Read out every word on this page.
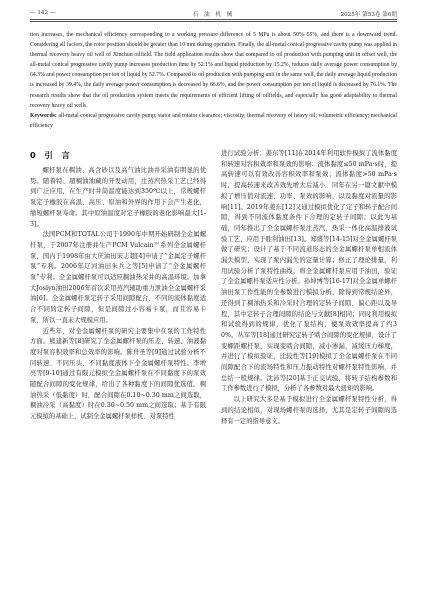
— 142 —	石 油 机 械	2025年 第53卷 第6期

tion increases, the mechanical efficiency corresponding to a working pressure difference of 5 MPa is about 50%–55%, and there is a downward trend. Considering all factors, the rotor position should be greater than 10 mm during operation. Finally, the all-metal conical progressive cavity pump was applied in thermal recovery heavy oil well of Xinchun oilfield. The field application results show that compared to oil production with pumping unit in offset well, the all-metal conical progressive cavity pump increases production time by 52.1% and liquid production by 15.2%, reduces daily average power consumption by 64.3% and power consumption per ton of liquid by 52.7%. Compared to oil production with pumping unit in the same well, the daily average liquid production is increased by 39.4%, the daily average power consumption is decreased by 66.6%, and the power consumption per ton of liquid is decreased by 76.1%. The research results show that the oil production system meets the requirements of efficient lifting of oilfields, and especially has good adaptability to thermal recovery heavy oil wells.
Keywords: all-metal conical progressive cavity pump; stator and rotator clearance; viscosity; thermal recovery of heavy oil; volumetric efficiency; mechanical efficiency

0 引 言

螺杆泵在稠油、高含砂以及高气油比油井采油有明显的优势。随着特、超稠油油藏的开发动用，注蒸汽热采工艺已经得到广泛应用，在生产时井筒温度能达到350℃以上，常规螺杆泵定子橡胶在高温、高压、原油和外界的作用下会产生老化，缩短螺杆泵寿命。其中原油温度对定子橡胶的老化影响最大[1-3]。

法国PCM和TOTAL公司于1990年中期开始研制全金属螺杆泵，于2007年注册并生产PCM Vulcain™系列全金属螺杆泵，国内于1998年由大庆油田宋志超[4]申请了“金属定子螺杆泵”专利。2006年辽河油田朱兵之等[5]申请了“全金属螺杆泵”专利。全金属螺杆泵可以适应稠油热采井的高温环境。加拿大Joslyn油田2006年首次采用蒸汽辅助重力泄油全金属螺杆采油[6]。全金属螺杆泵定转子采用间隙配合，不同的流体黏度适合不同的定转子间隙，但是间隙过小容易卡泵，而且容易卡泵，所以一直未大规模应用。

近些年，对全金属螺杆泵的研究主要集中在泵的工作特性方面。熊建新等[8]研究了全金属螺杆泵的压差、转速、油液黏度对泵容积效率和总效率的影响。陈舟圣等[9]通过试验分析不同转速、不同压头、不同黏度液体下全金属螺杆泵特性。李增亮等[9-10]通过有限元模拟全金属螺杆泵在不同黏度下的泵效随配合间隙的变化规律，给出了各种黏度下的间隙优选值。稠油热采（低黏度）时，配合间隙在0.10~0.30 mm之间选取，稠油冷采（高黏度）时在0.30~0.50 mm之间选取；基于有限元模拟的基础上，试制全金属螺杆泵样机、对泵特性

进行试验分析；姜东等[11]在2014年利用软件模拟了流体黏度和转速对容积效率和泵效的影响：流体黏度≤50 mPa·s时，提高转速可以有效改善容积效率和泵效；流体黏度>50 mPa·s时，提高转速来改善效先增大后减小。同年在另一篇文献中模拟了增压值对流速、功率、泵效的影响，以及黏度对流量的影响[11]。2019年姜东[12]又通过模拟优化了定子和转子配合间隙，得到不同流体黏度条件下合理的定转子间隙；以此为基础，同年推出了全金属螺杆泵注蒸汽、热采一体化高温排液试验工艺，应用于胜利油田[13]。郑盛等[14-15]对全金属螺杆泵做了研究；设计了基于不同流道形态的全金属螺杆泵单相流体漏失模型，实现了泵内漏失的定量计算；修正了理论排量，利用试验分析了泵特性曲线；将全金属螺杆泵应用于油田，验证了全金属螺杆泵适应性分析。孙坤博等[16-17]对全金属单螺杆油田泵工作性能的全参数进行模拟分析，除得到常规结论外，还得到了稠油热采和冷采时合理的定转子间隙、偏心距以及导程，其中定转子合理间隙的结论与文献[8]相同；同时利用模拟和试验得到的规律，优化了泵结构，使泵效效率提高了约30%。丛军等[18]通过研究定转子啮合间隙的变化规律，设计了变螺距螺杆泵，实现变啮合间隙，减小渗漏，减缓压力梯度，并进行了模拟验证，比较性等[19]模拟了全金属螺杆泵在不同间隙配合下的流场特性和压力振动特性对螺杆泵特性影响，并总结一般规律。沈沛等[20]基于正交试验，将转子结构参数和工作参数进行了模拟，分析了各参数对最大扭矩的影响。

以上研究大多是基于模拟进行全金属螺杆泵特性分析，得到的结论相似，对现场螺杆泵的选择，尤其是定转子间隙的选择有一定的指导意义。
